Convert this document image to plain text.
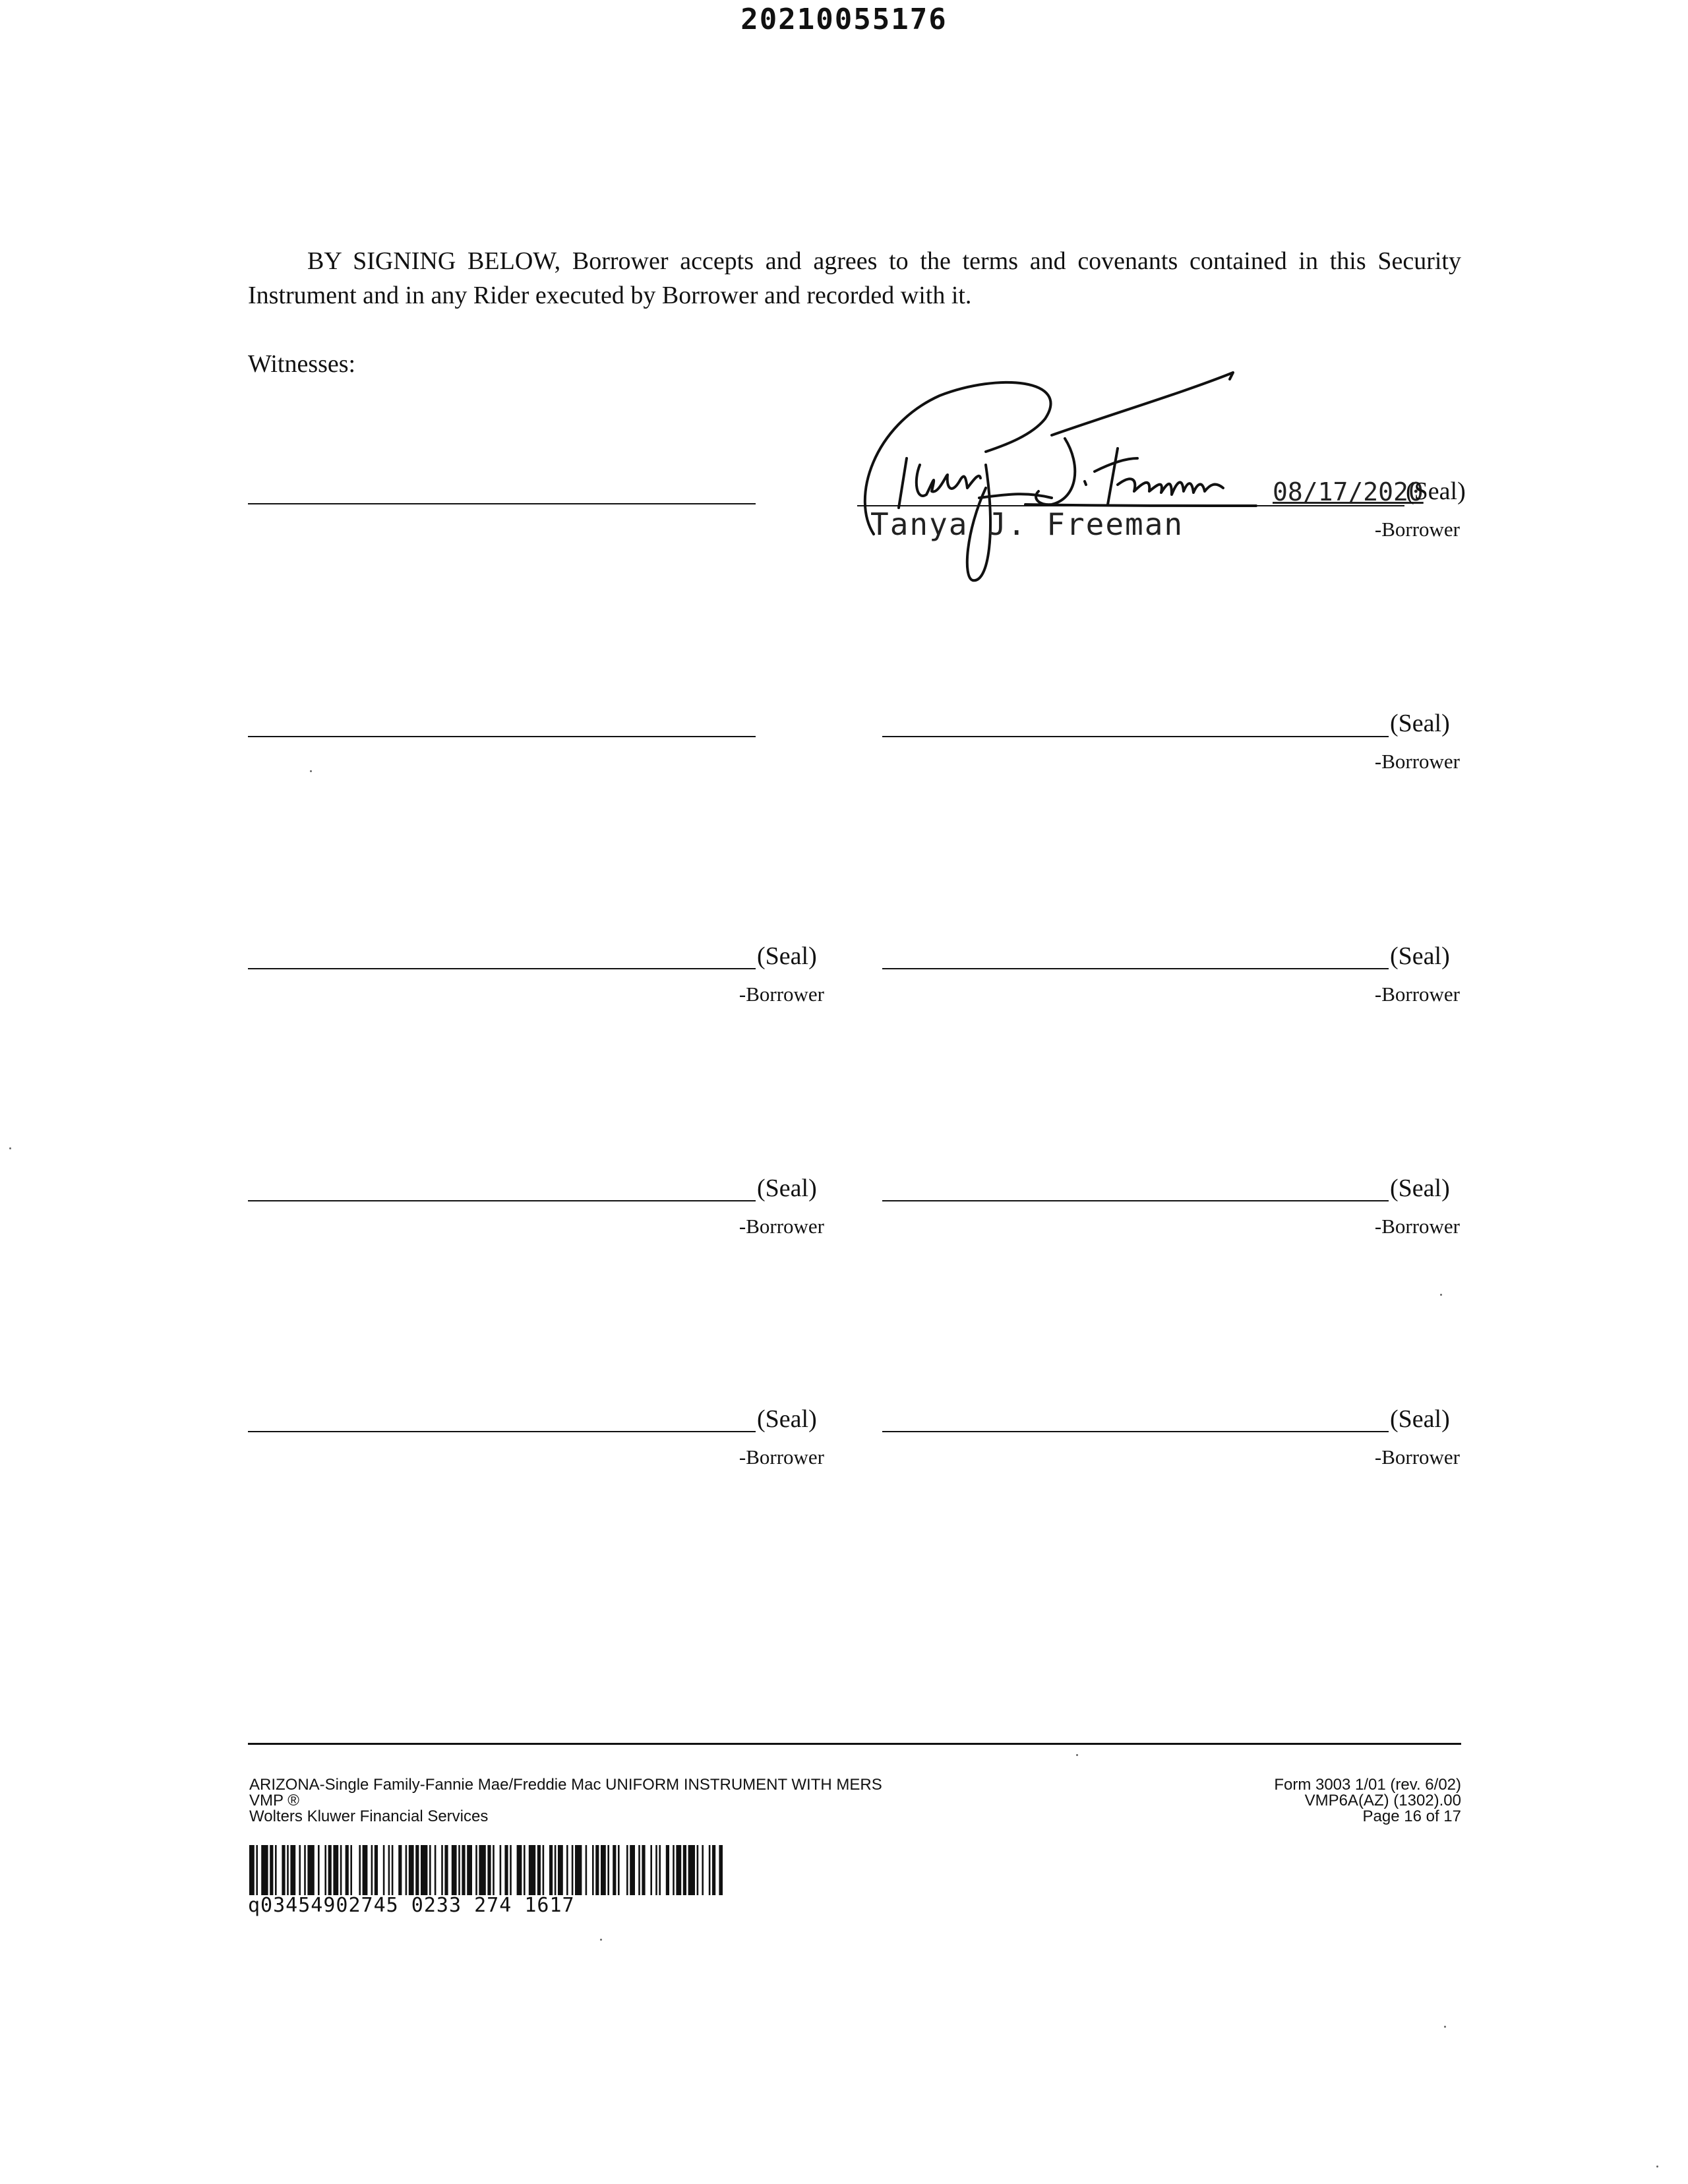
20210055176
BY SIGNING BELOW, Borrower accepts and agrees to the terms and covenants contained in this Security Instrument and in any Rider executed by Borrower and recorded with it.
Witnesses:
Tanya J. Freeman
08/17/2020
(Seal)
-Borrower
(Seal)
-Borrower
(Seal)
-Borrower
(Seal)
-Borrower
(Seal)
-Borrower
(Seal)
-Borrower
(Seal)
-Borrower
(Seal)
-Borrower
ARIZONA-Single Family-Fannie Mae/Freddie Mac UNIFORM INSTRUMENT WITH MERS
VMP ®
Wolters Kluwer Financial Services
Form 3003 1/01 (rev. 6/02)
VMP6A(AZ) (1302).00
Page 16 of 17
q03454902745 0233 274 1617
